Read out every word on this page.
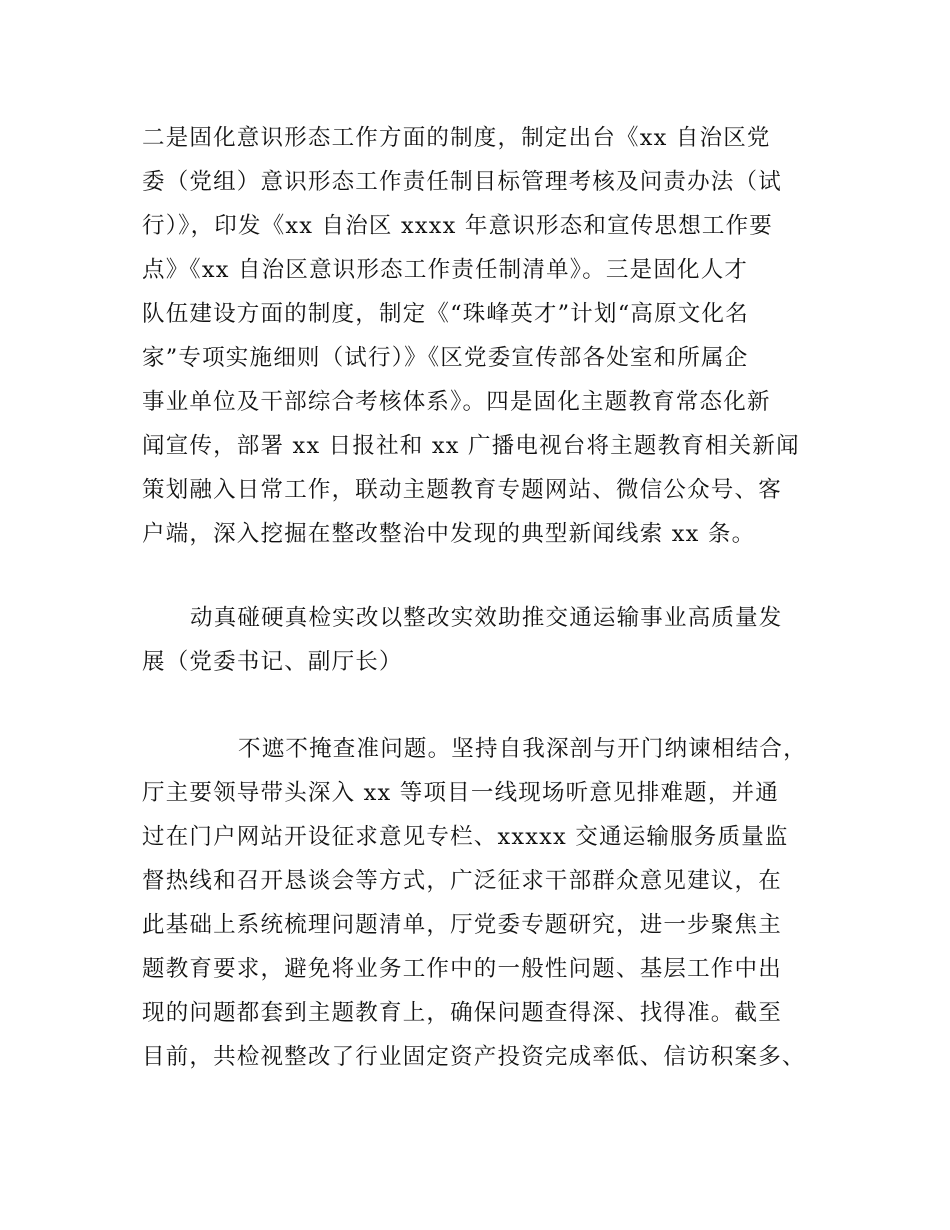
二是固化意识形态工作方面的制度，制定出台《xx 自治区党
委（党组）意识形态工作责任制目标管理考核及问责办法（试
行）》，印发《xx 自治区 xxxx 年意识形态和宣传思想工作要
点》《xx 自治区意识形态工作责任制清单》。三是固化人才
队伍建设方面的制度，制定《“珠峰英才”计划“高原文化名
家”专项实施细则（试行）》《区党委宣传部各处室和所属企
事业单位及干部综合考核体系》。四是固化主题教育常态化新
闻宣传，部署 xx 日报社和 xx 广播电视台将主题教育相关新闻
策划融入日常工作，联动主题教育专题网站、微信公众号、客
户端，深入挖掘在整改整治中发现的典型新闻线索 xx 条。
动真碰硬真检实改以整改实效助推交通运输事业高质量发
展（党委书记、副厅长）
不遮不掩查准问题。坚持自我深剖与开门纳谏相结合，
厅主要领导带头深入 xx 等项目一线现场听意见排难题，并通
过在门户网站开设征求意见专栏、xxxxx 交通运输服务质量监
督热线和召开恳谈会等方式，广泛征求干部群众意见建议，在
此基础上系统梳理问题清单，厅党委专题研究，进一步聚焦主
题教育要求，避免将业务工作中的一般性问题、基层工作中出
现的问题都套到主题教育上，确保问题查得深、找得准。截至
目前，共检视整改了行业固定资产投资完成率低、信访积案多、
